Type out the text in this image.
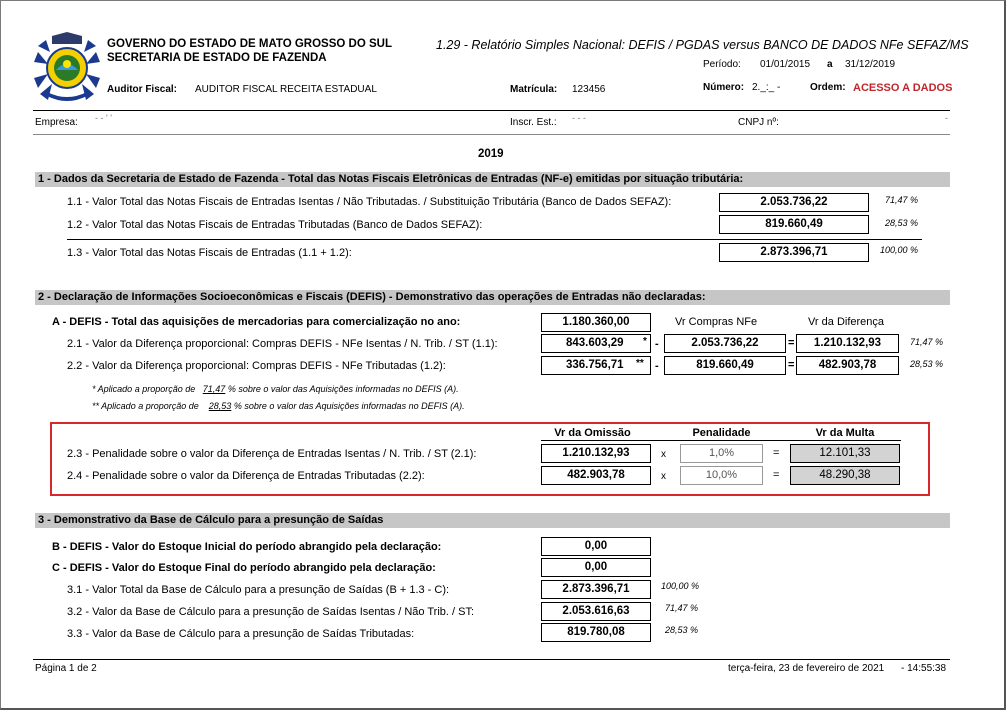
GOVERNO DO ESTADO DE MATO GROSSO DO SUL
SECRETARIA DE ESTADO DE FAZENDA
1.29 - Relatório Simples Nacional: DEFIS / PGDAS versus BANCO DE DADOS NFe SEFAZ/MS
Período: 01/01/2015 a 31/12/2019
Auditor Fiscal: AUDITOR FISCAL RECEITA ESTADUAL	Matrícula: 123456	Número: 2._:_ -	Ordem: ACESSO A DADOS
Empresa: - - ' '	Inscr. Est.: - - -	CNPJ nº:	-
2019
1 - Dados da Secretaria de Estado de Fazenda - Total das Notas Fiscais Eletrônicas de Entradas (NF-e) emitidas por situação tributária:
1.1 - Valor Total das Notas Fiscais de Entradas Isentas / Não Tributadas. / Substituição Tributária (Banco de Dados SEFAZ):	2.053.736,22	71,47 %
1.2 - Valor Total das Notas Fiscais de Entradas Tributadas (Banco de Dados SEFAZ):	819.660,49	28,53 %
1.3 - Valor Total das Notas Fiscais de Entradas (1.1 + 1.2):	2.873.396,71	100,00 %
2 - Declaração de Informações Socioeconômicas e Fiscais (DEFIS) - Demonstrativo das operações de Entradas não declaradas:
A - DEFIS - Total das aquisições de mercadorias para comercialização no ano:	1.180.360,00	Vr Compras NFe	Vr da Diferença
2.1 - Valor da Diferença proporcional: Compras DEFIS - NFe Isentas / N. Trib. / ST (1.1):	843.603,29	* -	2.053.736,22	=	1.210.132,93	71,47 %
2.2 - Valor da Diferença proporcional: Compras DEFIS - NFe Tributadas (1.2):	336.756,71	** -	819.660,49	=	482.903,78	28,53 %
* Aplicado a proporção de 71,47 % sobre o valor das Aquisições informadas no DEFIS (A).
** Aplicado a proporção de 28,53 % sobre o valor das Aquisições informadas no DEFIS (A).
Vr da Omissão	Penalidade	Vr da Multa
2.3 - Penalidade sobre o valor da Diferença de Entradas Isentas / N. Trib. / ST (2.1):	1.210.132,93	x	1,0%	=	12.101,33
2.4 - Penalidade sobre o valor da Diferença de Entradas Tributadas (2.2):	482.903,78	x	10,0%	=	48.290,38
3 - Demonstrativo da Base de Cálculo para a presunção de Saídas
B - DEFIS - Valor do Estoque Inicial do período abrangido pela declaração:	0,00
C - DEFIS - Valor do Estoque Final do período abrangido pela declaração:	0,00
3.1 - Valor Total da Base de Cálculo para a presunção de Saídas (B + 1.3 - C):	2.873.396,71	100,00 %
3.2 - Valor da Base de Cálculo para a presunção de Saídas Isentas / Não Trib. / ST:	2.053.616,63	71,47 %
3.3 - Valor da Base de Cálculo para a presunção de Saídas Tributadas:	819.780,08	28,53 %
Página 1 de 2	terça-feira, 23 de fevereiro de 2021 - 14:55:38
